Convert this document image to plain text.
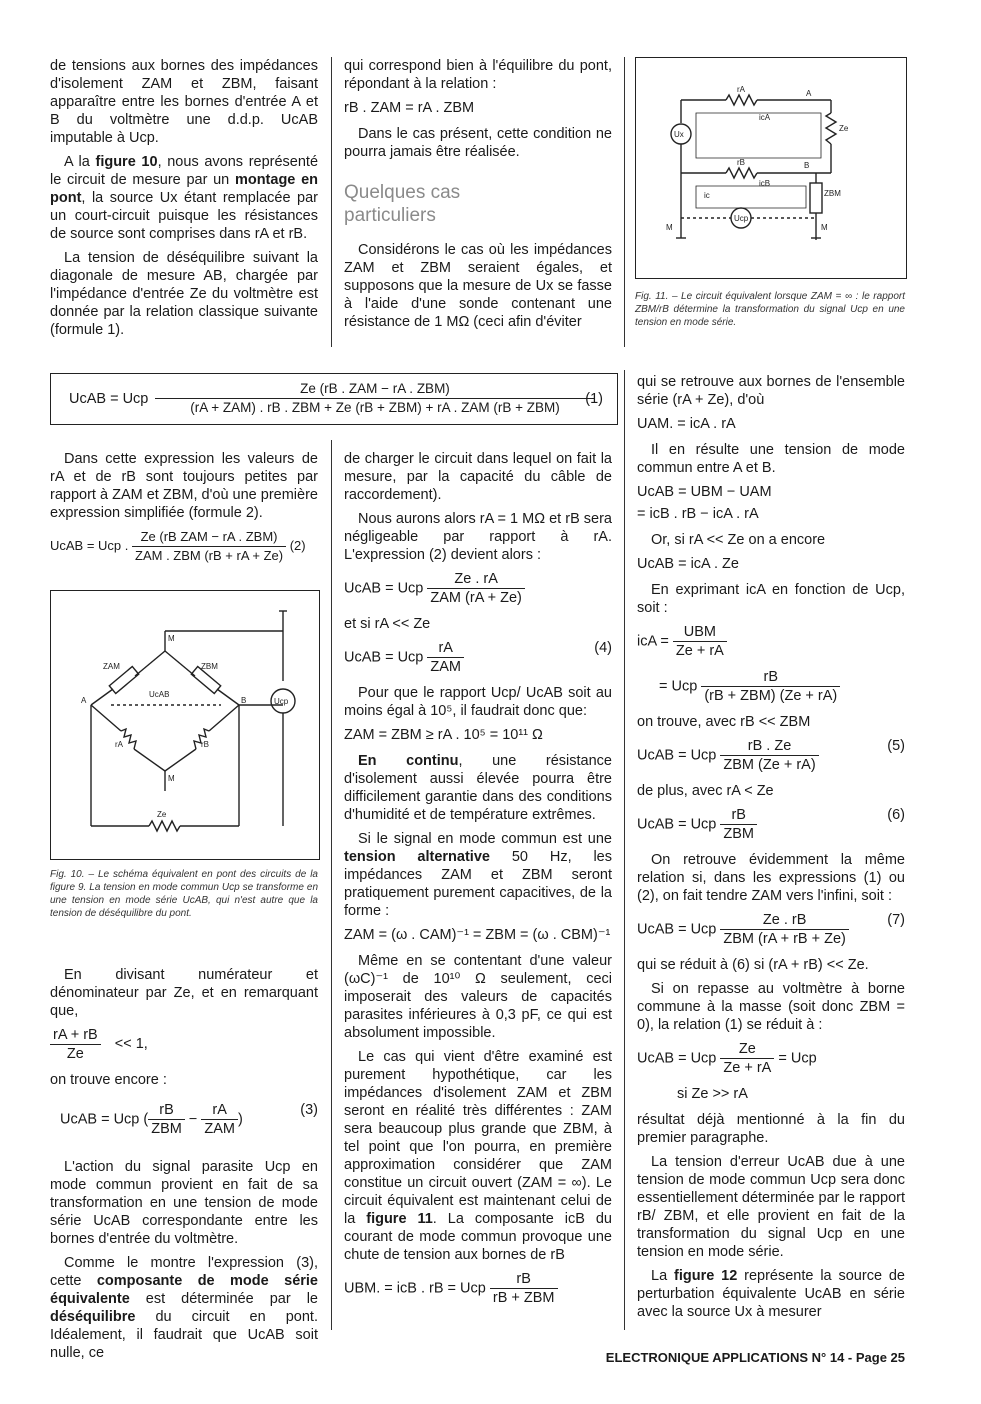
de tensions aux bornes des impédances d'isolement ZAM et ZBM, faisant apparaître entre les bornes d'entrée A et B du voltmètre une d.d.p. UcAB imputable à Ucp.

A la figure 10, nous avons représenté le circuit de mesure par un montage en pont, la source Ux étant remplacée par un court-circuit puisque les résistances de source sont comprises dans rA et rB.

La tension de déséquilibre suivant la diagonale de mesure AB, chargée par l'impédance d'entrée Ze du voltmètre est donnée par la relation classique suivante (formule 1).

qui correspond bien à l'équilibre du pont, répondant à la relation :

rB . ZAM = rA . ZBM

Dans le cas présent, cette condition ne pourra jamais être réalisée.

Quelques cas particuliers

Considérons le cas où les impédances ZAM et ZBM seraient égales, et supposons que la mesure de Ux se fasse à l'aide d'une sonde contenant une résistance de 1 MΩ (ceci afin d'éviter

rA	A
icA
Ze
Ux
rB	B
icB
ZBM
ic
Ucp
M	M
Fig. 11. – Le circuit équivalent lorsque ZAM = ∞ : le rapport ZBM/rB détermine la transformation du signal Ucp en une tension en mode série.
UcAB = Ucp
Ze (rB . ZAM − rA . ZBM)
(rA + ZAM) . rB . ZBM + Ze (rB + ZBM) + rA . ZAM (rB + ZBM)
(1)

Dans cette expression les valeurs de rA et de rB sont toujours petites par rapport à ZAM et ZBM, d'où une première expression simplifiée (formule 2).

UcAB = Ucp . $\frac{\text{Ze (rB ZAM − rA . ZBM)}}{\text{ZAM . ZBM (rB + rA + Ze)}} (2)$
M
ZAM	ZBM
UcAB
A	B
rA	rB
M
Ze
Ucp
Fig. 10. – Le schéma équivalent en pont des circuits de la figure 9. La tension en mode commun Ucp se transforme en une tension en mode série UcAB, qui n'est autre que la tension de déséquilibre du pont.

En divisant numérateur et dénominateur par Ze, et en remarquant que,

$\frac{rA + rB}{Ze} << 1$,

on trouve encore :

UcAB = Ucp ( $\frac{rB}{\text{ZBM}} - \frac{rA}{\text{ZAM}}$ )
(3)

L'action du signal parasite Ucp en mode commun provient en fait de sa transformation en une tension de mode série UcAB correspondante entre les bornes d'entrée du voltmètre.

Comme le montre l'expression (3), cette composante de mode série équivalente est déterminée par le déséquilibre du circuit en pont. Idéalement, il faudrait que UcAB soit nulle, ce

de charger le circuit dans lequel on fait la mesure, par la capacité du câble de raccordement).

Nous aurons alors rA = 1 MΩ et rB sera négligeable par rapport à rA. L'expression (2) devient alors :

UcAB = Ucp $\frac{Ze . rA}{\text{ZAM (rA + Ze)}}$

et si rA << Ze

UcAB = Ucp $\frac{rA}{\text{ZAM}}$	(4)

Pour que le rapport Ucp/ UcAB soit au moins égal à 10⁵, il faudrait donc que:

ZAM = ZBM ≥ rA . 10⁵ = 10¹¹ Ω

En continu, une résistance d'isolement aussi élevée pourra être difficilement garantie dans des conditions d'humidité et de température extrêmes.

Si le signal en mode commun est une tension alternative 50 Hz, les impédances ZAM et ZBM seront pratiquement purement capacitives, de la forme :

ZAM = (ω . CAM)⁻¹ = ZBM = (ω . CBM)⁻¹

Même en se contentant d'une valeur (ωC)⁻¹ de 10¹⁰ Ω seulement, ceci imposerait des valeurs de capacités parasites inférieures à 0,3 pF, ce qui est absolument impossible.

Le cas qui vient d'être examiné est purement hypothétique, car les impédances d'isolement ZAM et ZBM seront en réalité très différentes : ZAM sera beaucoup plus grande que ZBM, à tel point que l'on pourra, en première approximation considérer que ZAM constitue un circuit ouvert (ZAM = ∞). Le circuit équivalent est maintenant celui de la figure 11. La composante icB du courant de mode commun provoque une chute de tension aux bornes de rB

UBM. = icB . rB = Ucp $\frac{rB}{\text{rB + ZBM}}$

qui se retrouve aux bornes de l'ensemble série (rA + Ze), d'où

UAM. = icA . rA

Il en résulte une tension de mode commun entre A et B.

UcAB = UBM − UAM
= icB . rB − icA . rA

Or, si rA << Ze on a encore

UcAB = icA . Ze

En exprimant icA en fonction de Ucp, soit :

icA = $\frac{\text{UBM}}{Ze + rA}$
= Ucp $\frac{rB}{\text{(rB + ZBM) (Ze + rA)}}$

on trouve, avec rB << ZBM

UcAB = Ucp $\frac{rB . Ze}{\text{ZBM (Ze + rA)}}$	(5)

de plus, avec rA < Ze

UcAB = Ucp $\frac{rB}{\text{ZBM}}$	(6)

On retrouve évidemment la même relation si, dans les expressions (1) ou (2), on fait tendre ZAM vers l'infini, soit :

UcAB = Ucp $\frac{Ze . rB}{\text{ZBM (rA + rB + Ze)}}$	(7)

qui se réduit à (6) si (rA + rB) << Ze.

Si on repasse au voltmètre à borne commune à la masse (soit donc ZBM = 0), la relation (1) se réduit à :

UcAB = Ucp $\frac{Ze}{Ze + rA}$ = Ucp
si Ze >> rA

résultat déjà mentionné à la fin du premier paragraphe.

La tension d'erreur UcAB due à une tension de mode commun Ucp sera donc essentiellement déterminée par le rapport rB/ ZBM, et elle provient en fait de la transformation du signal Ucp en une tension en mode série.

La figure 12 représente la source de perturbation équivalente UcAB en série avec la source Ux à mesurer

ELECTRONIQUE APPLICATIONS N° 14 - Page 25
